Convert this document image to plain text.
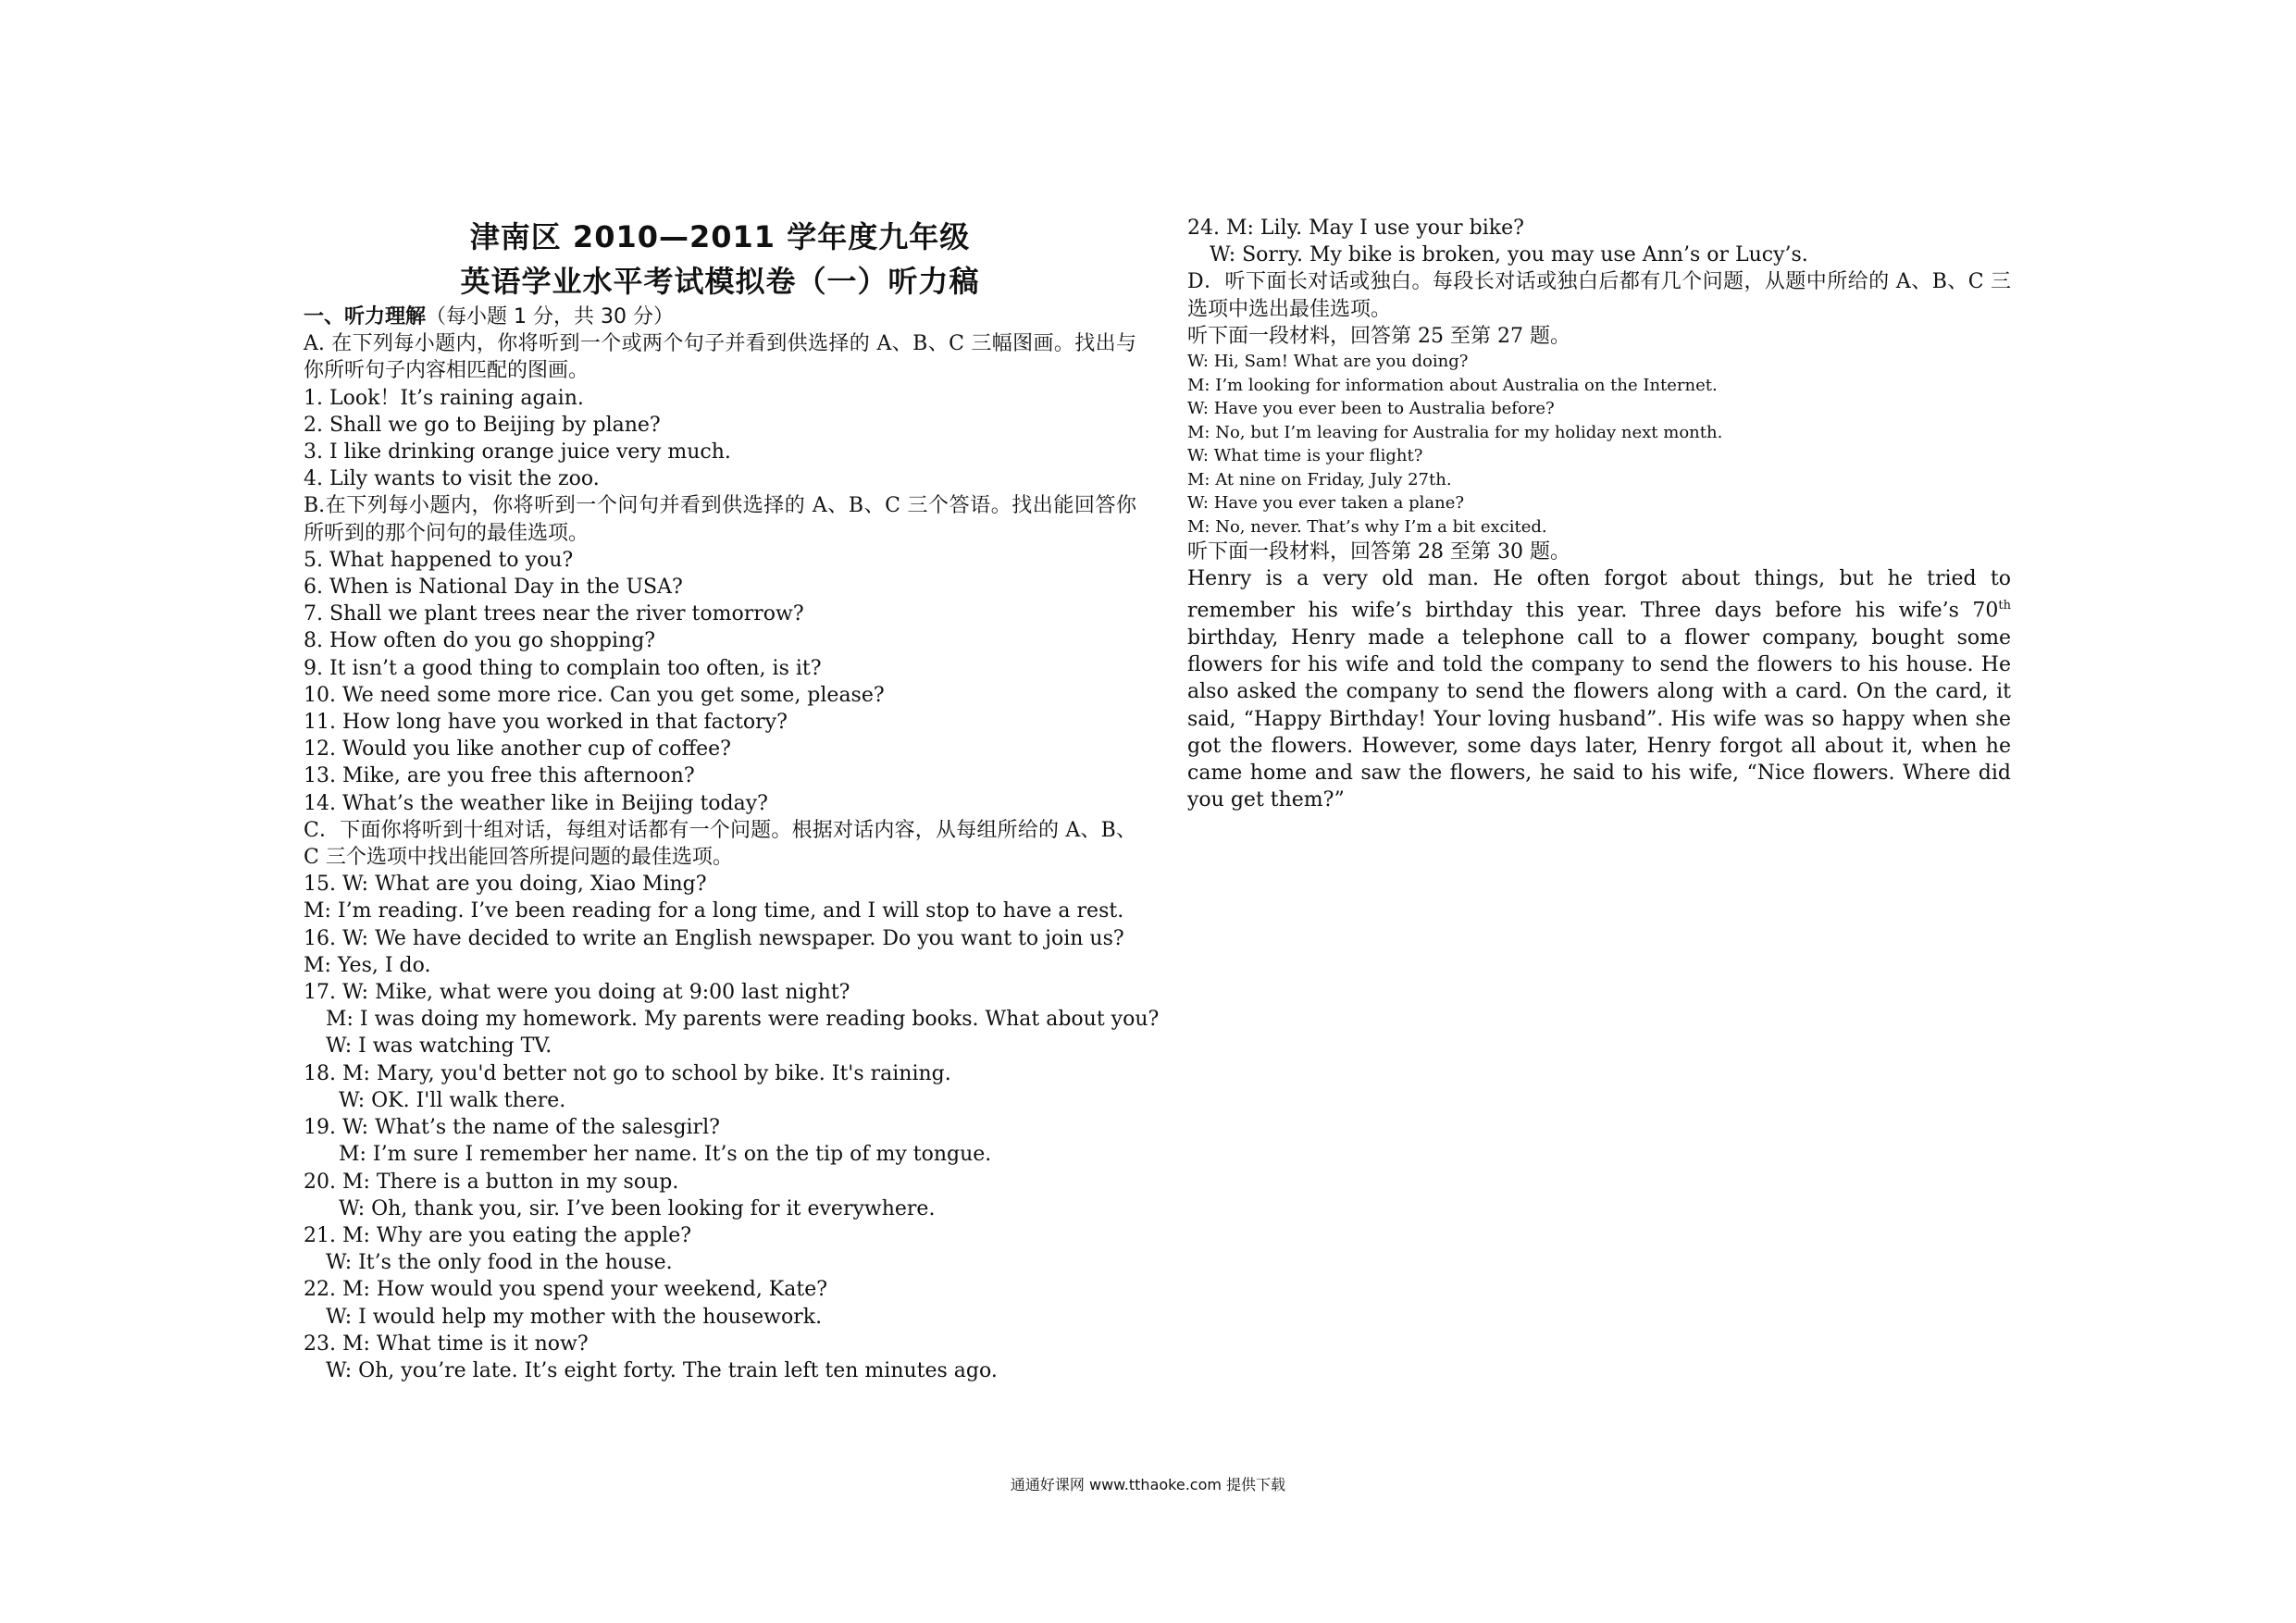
津南区 2010—2011 学年度九年级
英语学业水平考试模拟卷（一）听力稿
一、听力理解（每小题 1 分，共 30 分）
A. 在下列每小题内，你将听到一个或两个句子并看到供选择的 A、B、C 三幅图画。找出与你所听句子内容相匹配的图画。
1. Look！It’s raining again.
2. Shall we go to Beijing by plane?
3. I like drinking orange juice very much.
4. Lily wants to visit the zoo.
B.在下列每小题内，你将听到一个问句并看到供选择的 A、B、C 三个答语。找出能回答你所听到的那个问句的最佳选项。
5. What happened to you?
6. When is National Day in the USA?
7. Shall we plant trees near the river tomorrow?
8. How often do you go shopping?
9. It isn’t a good thing to complain too often, is it?
10. We need some more rice. Can you get some, please?
11. How long have you worked in that factory?
12. Would you like another cup of coffee?
13. Mike, are you free this afternoon?
14. What’s the weather like in Beijing today?
C．下面你将听到十组对话，每组对话都有一个问题。根据对话内容，从每组所给的 A、B、C 三个选项中找出能回答所提问题的最佳选项。
15. W: What are you doing, Xiao Ming?
M: I’m reading. I’ve been reading for a long time, and I will stop to have a rest.
16. W: We have decided to write an English newspaper. Do you want to join us?
M: Yes, I do.
17. W: Mike, what were you doing at 9:00 last night?
M: I was doing my homework. My parents were reading books. What about you?
W: I was watching TV.
18. M: Mary, you'd better not go to school by bike. It's raining.
W: OK. I'll walk there.
19. W: What’s the name of the salesgirl?
M: I’m sure I remember her name. It’s on the tip of my tongue.
20. M: There is a button in my soup.
W: Oh, thank you, sir. I’ve been looking for it everywhere.
21. M: Why are you eating the apple?
W: It’s the only food in the house.
22. M: How would you spend your weekend, Kate?
W: I would help my mother with the housework.
23. M: What time is it now?
W: Oh, you’re late. It’s eight forty. The train left ten minutes ago.
24. M: Lily. May I use your bike?
W: Sorry. My bike is broken, you may use Ann’s or Lucy’s.
D．听下面长对话或独白。每段长对话或独白后都有几个问题，从题中所给的 A、B、C 三选项中选出最佳选项。
听下面一段材料，回答第 25 至第 27 题。
W: Hi, Sam! What are you doing?
M: I’m looking for information about Australia on the Internet.
W: Have you ever been to Australia before?
M: No, but I’m leaving for Australia for my holiday next month.
W: What time is your flight?
M: At nine on Friday, July 27th.
W: Have you ever taken a plane?
M: No, never. That’s why I’m a bit excited.
听下面一段材料，回答第 28 至第 30 题。
Henry is a very old man. He often forgot about things, but he tried to remember his wife’s birthday this year. Three days before his wife’s 70th birthday, Henry made a telephone call to a flower company, bought some flowers for his wife and told the company to send the flowers to his house. He also asked the company to send the flowers along with a card. On the card, it said, “Happy Birthday! Your loving husband”. His wife was so happy when she got the flowers. However, some days later, Henry forgot all about it, when he came home and saw the flowers, he said to his wife, “Nice flowers. Where did you get them?”
通通好课网 www.tthaoke.com 提供下载
